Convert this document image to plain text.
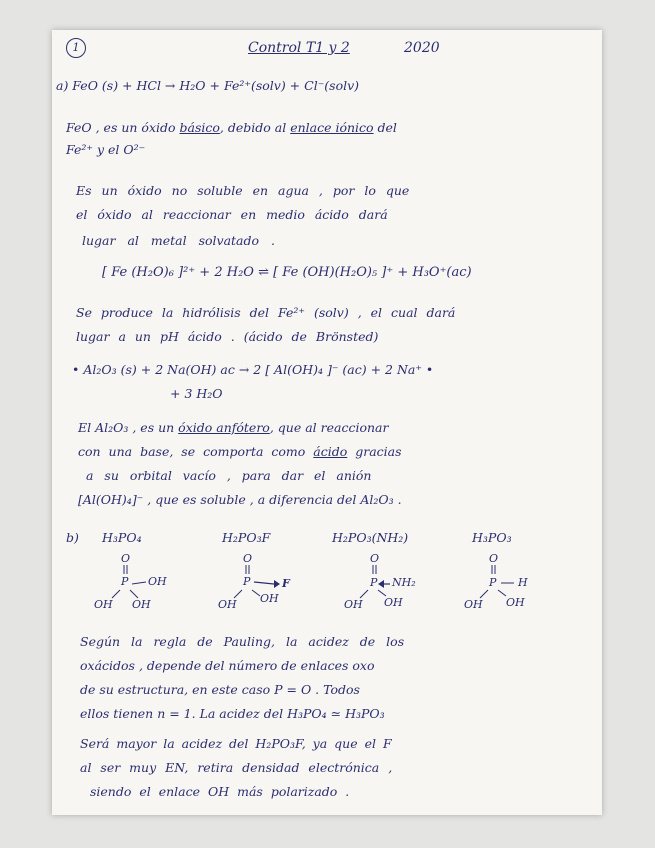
1	Control T1 y 2	2020
a) FeO (s) + HCl → H₂O + Fe²⁺(solv) + Cl⁻(solv)
FeO , es un óxido básico, debido al enlace iónico del
Fe²⁺ y el O²⁻
Es un óxido no soluble en agua , por lo que
el óxido al reaccionar en medio ácido dará
lugar al metal solvatado .
[ Fe (H₂O)₆ ]²⁺ + 2 H₂O ⇌ [ Fe (OH)(H₂O)₅ ]⁺ + H₃O⁺(ac)
Se produce la hidrólisis del Fe²⁺ (solv) , el cual dará
lugar a un pH ácido . (ácido de Brönsted)
• Al₂O₃ (s) + 2 Na(OH) ac → 2 [ Al(OH)₄ ]⁻ (ac) + 2 Na⁺ •
+ 3 H₂O
El Al₂O₃ , es un óxido anfótero, que al reaccionar
con una base, se comporta como ácido gracias
a su orbital vacío , para dar el anión
[Al(OH)₄]⁻ , que es soluble , a diferencia del Al₂O₃ .
b) H₃PO₄	H₂PO₃F	H₂PO₃(NH₂)	H₃PO₃
O
P OH
OH OH
O
P	F
OH OH
O
P NH₂
OH OH
O
P H
OH OH
Según la regla de Pauling, la acidez de los
oxácidos , depende del número de enlaces oxo
de su estructura, en este caso P = O . Todos
ellos tienen n = 1. La acidez del H₃PO₄ ≃ H₃PO₃
Será mayor la acidez del H₂PO₃F, ya que el F
al ser muy EN, retira densidad electrónica ,
siendo el enlace OH más polarizado .
